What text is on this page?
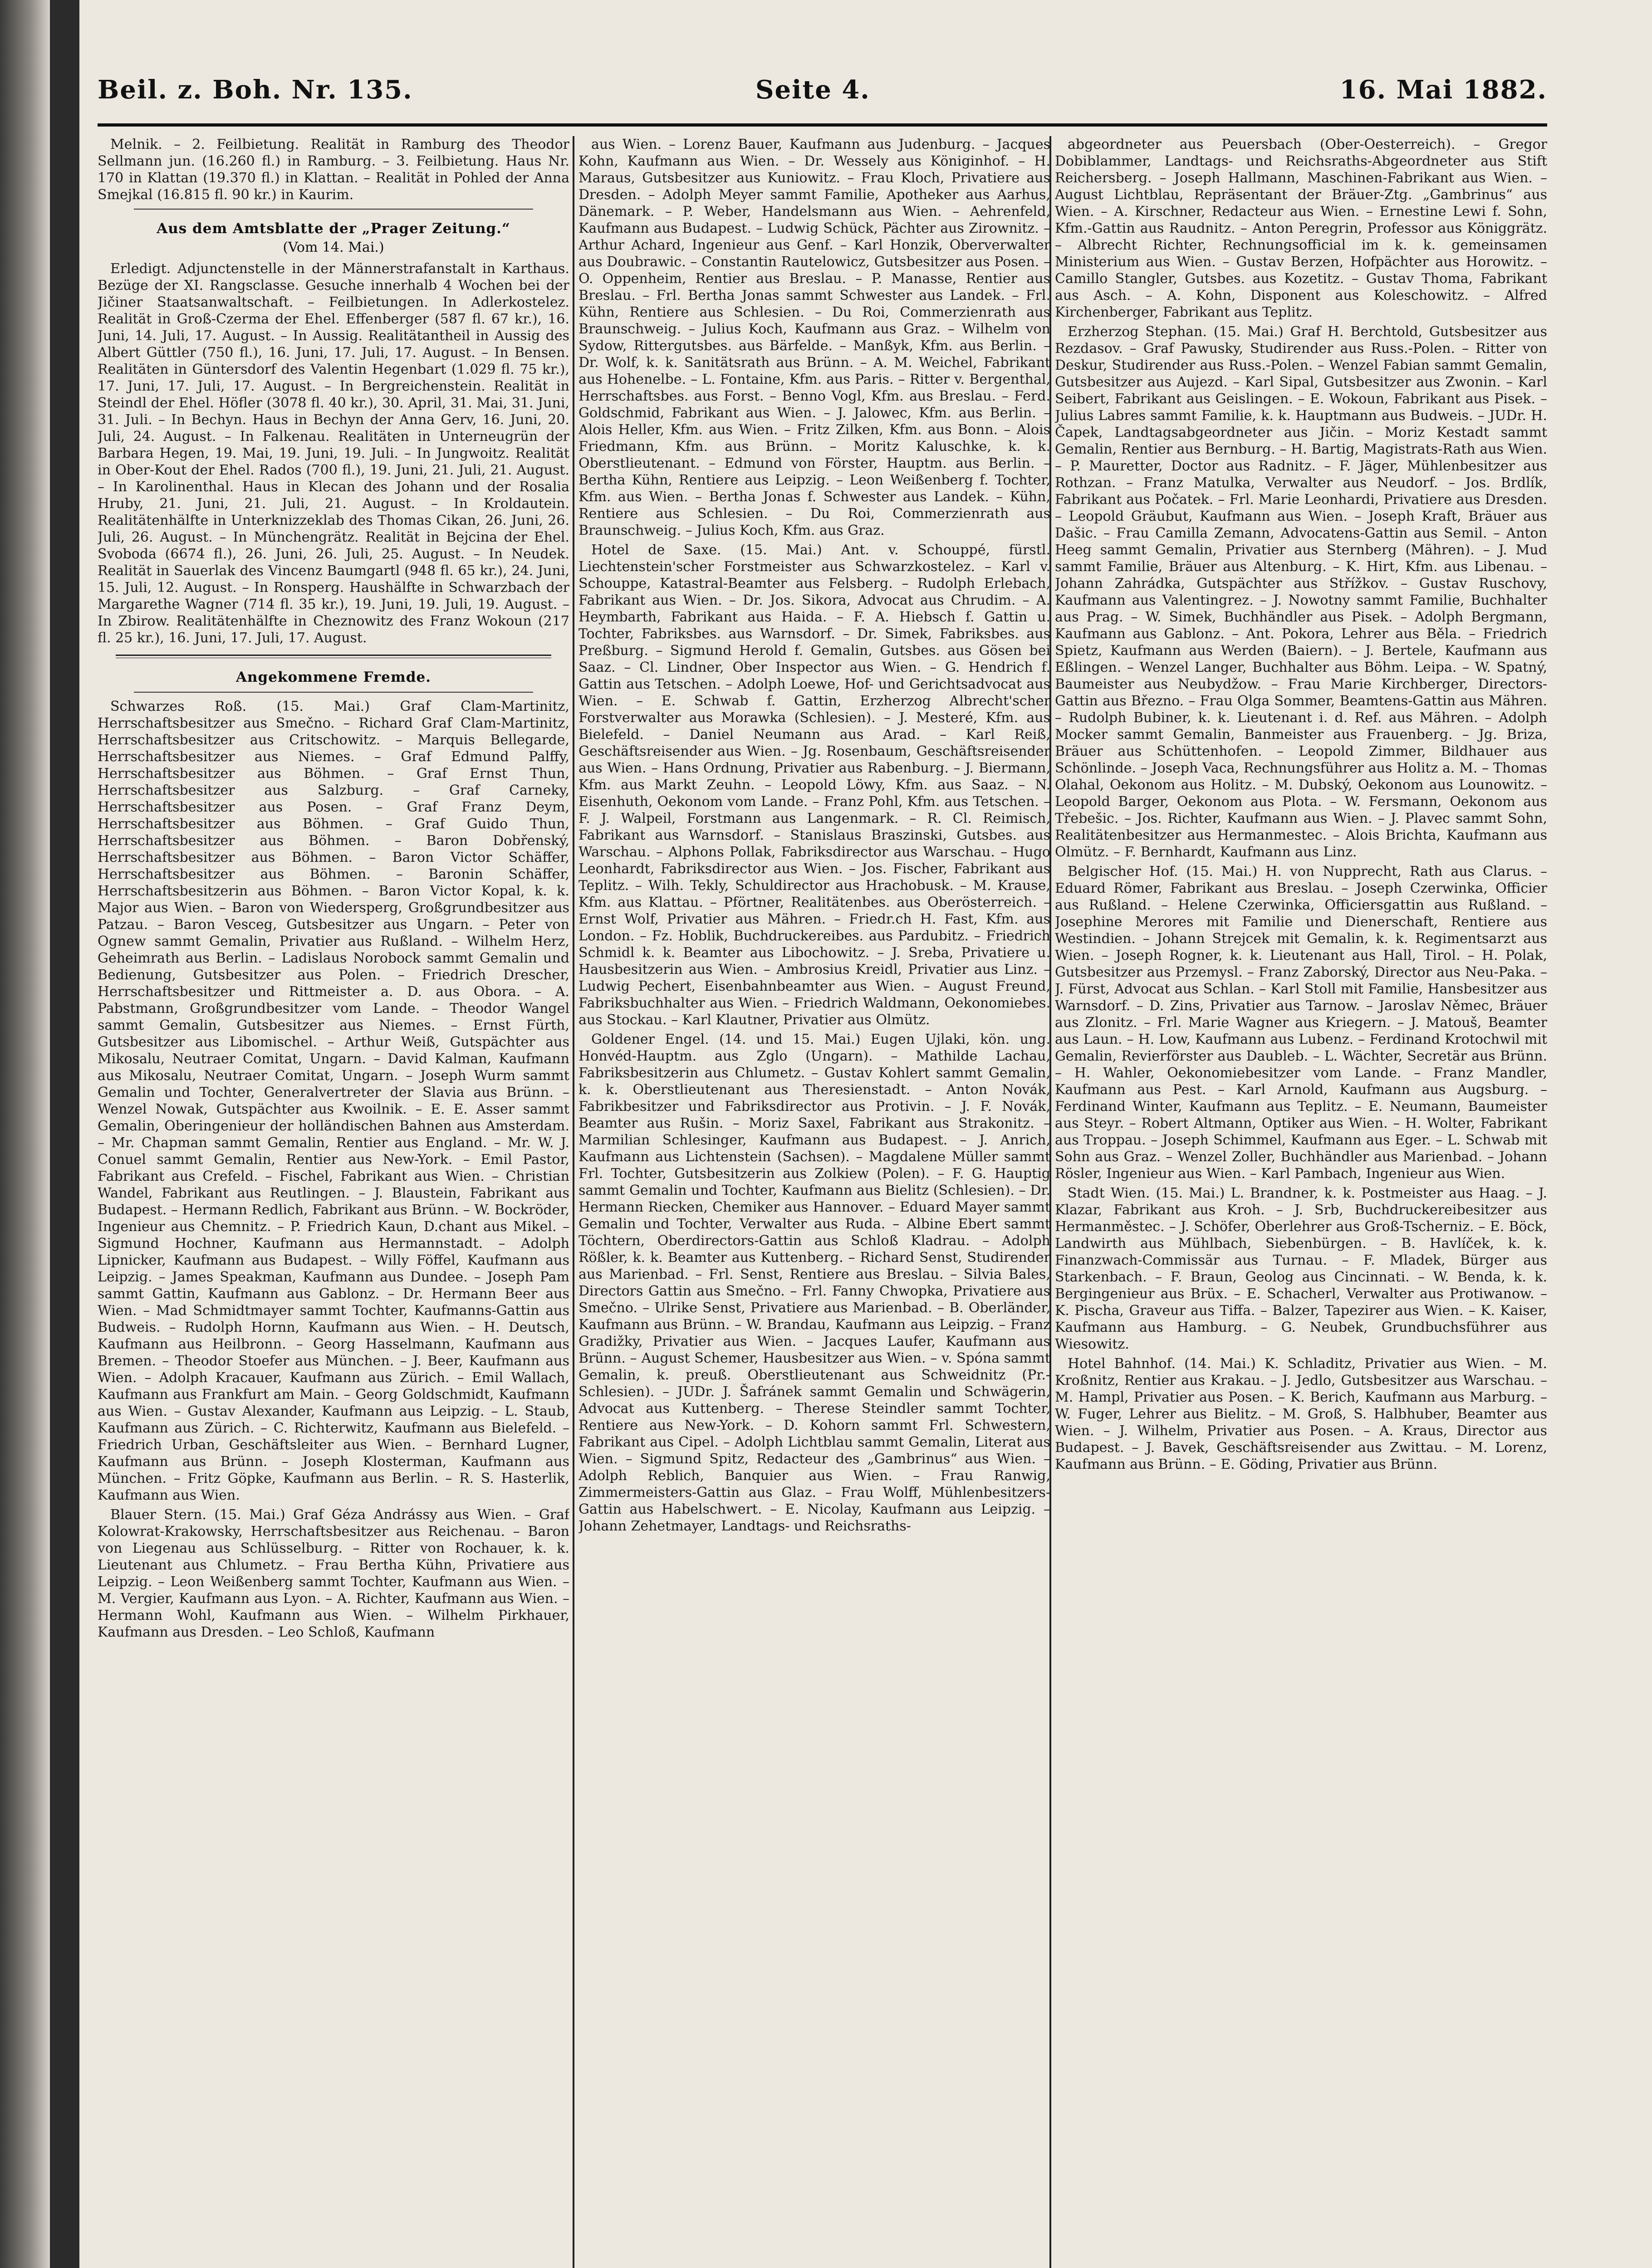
Beil. z. Boh. Nr. 135.	Seite 4.	16. Mai 1882.

Melnik. – 2. Feilbietung. Realität in Ramburg des Theodor Sellmann jun. (16.260 fl.) in Ramburg. – 3. Feilbietung. Haus Nr. 170 in Klattan (19.370 fl.) in Klattan. – Realität in Pohled der Anna Smejkal (16.815 fl. 90 kr.) in Kaurim.

Aus dem Amtsblatte der „Prager Zeitung.“
(Vom 14. Mai.)

Erledigt. Adjunctenstelle in der Männerstrafanstalt in Karthaus. Bezüge der XI. Rangsclasse. Gesuche innerhalb 4 Wochen bei der Jičiner Staatsanwaltschaft. – Feilbietungen. In Adlerkostelez. Realität in Groß-Czerma der Ehel. Effenberger (587 fl. 67 kr.), 16. Juni, 14. Juli, 17. August. – In Aussig. Realitätantheil in Aussig des Albert Güttler (750 fl.), 16. Juni, 17. Juli, 17. August. – In Bensen. Realitäten in Güntersdorf des Valentin Hegenbart (1.029 fl. 75 kr.), 17. Juni, 17. Juli, 17. August. – In Bergreichenstein. Realität in Steindl der Ehel. Höfler (3078 fl. 40 kr.), 30. April, 31. Mai, 31. Juni, 31. Juli. – In Bechyn. Haus in Bechyn der Anna Gerv, 16. Juni, 20. Juli, 24. August. – In Falkenau. Realitäten in Unterneugrün der Barbara Hegen, 19. Mai, 19. Juni, 19. Juli. – In Jungwoitz. Realität in Ober-Kout der Ehel. Rados (700 fl.), 19. Juni, 21. Juli, 21. August. – In Karolinenthal. Haus in Klecan des Johann und der Rosalia Hruby, 21. Juni, 21. Juli, 21. August. – In Kroldautein. Realitätenhälfte in Unterknizzeklab des Thomas Cikan, 26. Juni, 26. Juli, 26. August. – In Münchengrätz. Realität in Bejcina der Ehel. Svoboda (6674 fl.), 26. Juni, 26. Juli, 25. August. – In Neudek. Realität in Sauerlak des Vincenz Baumgartl (948 fl. 65 kr.), 24. Juni, 15. Juli, 12. August. – In Ronsperg. Haushälfte in Schwarzbach der Margarethe Wagner (714 fl. 35 kr.), 19. Juni, 19. Juli, 19. August. – In Zbirow. Realitätenhälfte in Cheznowitz des Franz Wokoun (217 fl. 25 kr.), 16. Juni, 17. Juli, 17. August.

Angekommene Fremde.

Schwarzes Roß. (15. Mai.) Graf Clam-Martinitz, Herrschaftsbesitzer aus Smečno. – Richard Graf Clam-Martinitz, Herrschaftsbesitzer aus Critschowitz. – Marquis Bellegarde, Herrschaftsbesitzer aus Niemes. – Graf Edmund Palffy, Herrschaftsbesitzer aus Böhmen. – Graf Ernst Thun, Herrschaftsbesitzer aus Salzburg. – Graf Carneky, Herrschaftsbesitzer aus Posen. – Graf Franz Deym, Herrschaftsbesitzer aus Böhmen. – Graf Guido Thun, Herrschaftsbesitzer aus Böhmen. – Baron Dobřenský, Herrschaftsbesitzer aus Böhmen. – Baron Victor Schäffer, Herrschaftsbesitzer aus Böhmen. – Baronin Schäffer, Herrschaftsbesitzerin aus Böhmen. – Baron Victor Kopal, k. k. Major aus Wien. – Baron von Wiedersperg, Großgrundbesitzer aus Patzau. – Baron Vesceg, Gutsbesitzer aus Ungarn. – Peter von Ognew sammt Gemalin, Privatier aus Rußland. – Wilhelm Herz, Geheimrath aus Berlin. – Ladislaus Norobock sammt Gemalin und Bedienung, Gutsbesitzer aus Polen. – Friedrich Drescher, Herrschaftsbesitzer und Rittmeister a. D. aus Obora. – A. Pabstmann, Großgrundbesitzer vom Lande. – Theodor Wangel sammt Gemalin, Gutsbesitzer aus Niemes. – Ernst Fürth, Gutsbesitzer aus Libomischel. – Arthur Weiß, Gutspächter aus Mikosalu, Neutraer Comitat, Ungarn. – David Kalman, Kaufmann aus Mikosalu, Neutraer Comitat, Ungarn. – Joseph Wurm sammt Gemalin und Tochter, Generalvertreter der Slavia aus Brünn. – Wenzel Nowak, Gutspächter aus Kwoilnik. – E. E. Asser sammt Gemalin, Oberingenieur der holländischen Bahnen aus Amsterdam. – Mr. Chapman sammt Gemalin, Rentier aus England. – Mr. W. J. Conuel sammt Gemalin, Rentier aus New-York. – Emil Pastor, Fabrikant aus Crefeld. – Fischel, Fabrikant aus Wien. – Christian Wandel, Fabrikant aus Reutlingen. – J. Blaustein, Fabrikant aus Budapest. – Hermann Redlich, Fabrikant aus Brünn. – W. Bockröder, Ingenieur aus Chemnitz. – P. Friedrich Kaun, D.chant aus Mikel. – Sigmund Hochner, Kaufmann aus Hermannstadt. – Adolph Lipnicker, Kaufmann aus Budapest. – Willy Föffel, Kaufmann aus Leipzig. – James Speakman, Kaufmann aus Dundee. – Joseph Pam sammt Gattin, Kaufmann aus Gablonz. – Dr. Hermann Beer aus Wien. – Mad Schmidtmayer sammt Tochter, Kaufmanns-Gattin aus Budweis. – Rudolph Hornn, Kaufmann aus Wien. – H. Deutsch, Kaufmann aus Heilbronn. – Georg Hasselmann, Kaufmann aus Bremen. – Theodor Stoefer aus München. – J. Beer, Kaufmann aus Wien. – Adolph Kracauer, Kaufmann aus Zürich. – Emil Wallach, Kaufmann aus Frankfurt am Main. – Georg Goldschmidt, Kaufmann aus Wien. – Gustav Alexander, Kaufmann aus Leipzig. – L. Staub, Kaufmann aus Zürich. – C. Richterwitz, Kaufmann aus Bielefeld. – Friedrich Urban, Geschäftsleiter aus Wien. – Bernhard Lugner, Kaufmann aus Brünn. – Joseph Klosterman, Kaufmann aus München. – Fritz Göpke, Kaufmann aus Berlin. – R. S. Hasterlik, Kaufmann aus Wien.

Blauer Stern. (15. Mai.) Graf Géza Andrássy aus Wien. – Graf Kolowrat-Krakowsky, Herrschaftsbesitzer aus Reichenau. – Baron von Liegenau aus Schlüsselburg. – Ritter von Rochauer, k. k. Lieutenant aus Chlumetz. – Frau Bertha Kühn, Privatiere aus Leipzig. – Leon Weißenberg sammt Tochter, Kaufmann aus Wien. – M. Vergier, Kaufmann aus Lyon. – A. Richter, Kaufmann aus Wien. – Hermann Wohl, Kaufmann aus Wien. – Wilhelm Pirkhauer, Kaufmann aus Dresden. – Leo Schloß, Kaufmann

aus Wien. – Lorenz Bauer, Kaufmann aus Judenburg. – Jacques Kohn, Kaufmann aus Wien. – Dr. Wessely aus Königinhof. – H. Maraus, Gutsbesitzer aus Kuniowitz. – Frau Kloch, Privatiere aus Dresden. – Adolph Meyer sammt Familie, Apotheker aus Aarhus, Dänemark. – P. Weber, Handelsmann aus Wien. – Aehrenfeld, Kaufmann aus Budapest. – Ludwig Schück, Pächter aus Zirownitz. – Arthur Achard, Ingenieur aus Genf. – Karl Honzik, Oberverwalter aus Doubrawic. – Constantin Rautelowicz, Gutsbesitzer aus Posen. – O. Oppenheim, Rentier aus Breslau. – P. Manasse, Rentier aus Breslau. – Frl. Bertha Jonas sammt Schwester aus Landek. – Frl. Kühn, Rentiere aus Schlesien. – Du Roi, Commerzienrath aus Braunschweig. – Julius Koch, Kaufmann aus Graz. – Wilhelm von Sydow, Rittergutsbes. aus Bärfelde. – Manßyk, Kfm. aus Berlin. – Dr. Wolf, k. k. Sanitätsrath aus Brünn. – A. M. Weichel, Fabrikant aus Hohenelbe. – L. Fontaine, Kfm. aus Paris. – Ritter v. Bergenthal, Herrschaftsbes. aus Forst. – Benno Vogl, Kfm. aus Breslau. – Ferd. Goldschmid, Fabrikant aus Wien. – J. Jalowec, Kfm. aus Berlin. – Alois Heller, Kfm. aus Wien. – Fritz Zilken, Kfm. aus Bonn. – Alois Friedmann, Kfm. aus Brünn. – Moritz Kaluschke, k. k. Oberstlieutenant. – Edmund von Förster, Hauptm. aus Berlin. – Bertha Kühn, Rentiere aus Leipzig. – Leon Weißenberg f. Tochter, Kfm. aus Wien. – Bertha Jonas f. Schwester aus Landek. – Kühn, Rentiere aus Schlesien. – Du Roi, Commerzienrath aus Braunschweig. – Julius Koch, Kfm. aus Graz.

Hotel de Saxe. (15. Mai.) Ant. v. Schouppé, fürstl. Liechtenstein'scher Forstmeister aus Schwarzkostelez. – Karl v. Schouppe, Katastral-Beamter aus Felsberg. – Rudolph Erlebach, Fabrikant aus Wien. – Dr. Jos. Sikora, Advocat aus Chrudim. – A. Heymbarth, Fabrikant aus Haida. – F. A. Hiebsch f. Gattin u. Tochter, Fabriksbes. aus Warnsdorf. – Dr. Simek, Fabriksbes. aus Preßburg. – Sigmund Herold f. Gemalin, Gutsbes. aus Gösen bei Saaz. – Cl. Lindner, Ober Inspector aus Wien. – G. Hendrich f. Gattin aus Tetschen. – Adolph Loewe, Hof- und Gerichtsadvocat aus Wien. – E. Schwab f. Gattin, Erzherzog Albrecht'scher Forstverwalter aus Morawka (Schlesien). – J. Mesteré, Kfm. aus Bielefeld. – Daniel Neumann aus Arad. – Karl Reiß, Geschäftsreisender aus Wien. – Jg. Rosenbaum, Geschäftsreisender aus Wien. – Hans Ordnung, Privatier aus Rabenburg. – J. Biermann, Kfm. aus Markt Zeuhn. – Leopold Löwy, Kfm. aus Saaz. – N. Eisenhuth, Oekonom vom Lande. – Franz Pohl, Kfm. aus Tetschen. – F. J. Walpeil, Forstmann aus Langenmark. – R. Cl. Reimisch, Fabrikant aus Warnsdorf. – Stanislaus Braszinski, Gutsbes. aus Warschau. – Alphons Pollak, Fabriksdirector aus Warschau. – Hugo Leonhardt, Fabriksdirector aus Wien. – Jos. Fischer, Fabrikant aus Teplitz. – Wilh. Tekly, Schuldirector aus Hrachobusk. – M. Krause, Kfm. aus Klattau. – Pförtner, Realitätenbes. aus Oberösterreich. – Ernst Wolf, Privatier aus Mähren. – Friedr.ch H. Fast, Kfm. aus London. – Fz. Hoblik, Buchdruckereibes. aus Pardubitz. – Friedrich Schmidl k. k. Beamter aus Libochowitz. – J. Sreba, Privatiere u. Hausbesitzerin aus Wien. – Ambrosius Kreidl, Privatier aus Linz. – Ludwig Pechert, Eisenbahnbeamter aus Wien. – August Freund, Fabriksbuchhalter aus Wien. – Friedrich Waldmann, Oekonomiebes. aus Stockau. – Karl Klautner, Privatier aus Olmütz.

Goldener Engel. (14. und 15. Mai.) Eugen Ujlaki, kön. ung. Honvéd-Hauptm. aus Zglo (Ungarn). – Mathilde Lachau, Fabriksbesitzerin aus Chlumetz. – Gustav Kohlert sammt Gemalin, k. k. Oberstlieutenant aus Theresienstadt. – Anton Novák, Fabrikbesitzer und Fabriksdirector aus Protivin. – J. F. Novák, Beamter aus Rušin. – Moriz Saxel, Fabrikant aus Strakonitz. – Marmilian Schlesinger, Kaufmann aus Budapest. – J. Anrich, Kaufmann aus Lichtenstein (Sachsen). – Magdalene Müller sammt Frl. Tochter, Gutsbesitzerin aus Zolkiew (Polen). – F. G. Hauptig sammt Gemalin und Tochter, Kaufmann aus Bielitz (Schlesien). – Dr. Hermann Riecken, Chemiker aus Hannover. – Eduard Mayer sammt Gemalin und Tochter, Verwalter aus Ruda. – Albine Ebert sammt Töchtern, Oberdirectors-Gattin aus Schloß Kladrau. – Adolph Rößler, k. k. Beamter aus Kuttenberg. – Richard Senst, Studirender aus Marienbad. – Frl. Senst, Rentiere aus Breslau. – Silvia Bales, Directors Gattin aus Smečno. – Frl. Fanny Chwopka, Privatiere aus Smečno. – Ulrike Senst, Privatiere aus Marienbad. – B. Oberländer, Kaufmann aus Brünn. – W. Brandau, Kaufmann aus Leipzig. – Franz Gradižky, Privatier aus Wien. – Jacques Laufer, Kaufmann aus Brünn. – August Schemer, Hausbesitzer aus Wien. – v. Spóna sammt Gemalin, k. preuß. Oberstlieutenant aus Schweidnitz (Pr.-Schlesien). – JUDr. J. Šafránek sammt Gemalin und Schwägerin, Advocat aus Kuttenberg. – Therese Steindler sammt Tochter, Rentiere aus New-York. – D. Kohorn sammt Frl. Schwestern, Fabrikant aus Cipel. – Adolph Lichtblau sammt Gemalin, Literat aus Wien. – Sigmund Spitz, Redacteur des „Gambrinus“ aus Wien. – Adolph Reblich, Banquier aus Wien. – Frau Ranwig, Zimmermeisters-Gattin aus Glaz. – Frau Wolff, Mühlenbesitzers-Gattin aus Habelschwert. – E. Nicolay, Kaufmann aus Leipzig. – Johann Zehetmayer, Landtags- und Reichsraths-

abgeordneter aus Peuersbach (Ober-Oesterreich). – Gregor Dobiblammer, Landtags- und Reichsraths-Abgeordneter aus Stift Reichersberg. – Joseph Hallmann, Maschinen-Fabrikant aus Wien. – August Lichtblau, Repräsentant der Bräuer-Ztg. „Gambrinus“ aus Wien. – A. Kirschner, Redacteur aus Wien. – Ernestine Lewi f. Sohn, Kfm.-Gattin aus Raudnitz. – Anton Peregrin, Professor aus Königgrätz. – Albrecht Richter, Rechnungsofficial im k. k. gemeinsamen Ministerium aus Wien. – Gustav Berzen, Hofpächter aus Horowitz. – Camillo Stangler, Gutsbes. aus Kozetitz. – Gustav Thoma, Fabrikant aus Asch. – A. Kohn, Disponent aus Koleschowitz. – Alfred Kirchenberger, Fabrikant aus Teplitz.

Erzherzog Stephan. (15. Mai.) Graf H. Berchtold, Gutsbesitzer aus Rezdasov. – Graf Pawusky, Studirender aus Russ.-Polen. – Ritter von Deskur, Studirender aus Russ.-Polen. – Wenzel Fabian sammt Gemalin, Gutsbesitzer aus Aujezd. – Karl Sipal, Gutsbesitzer aus Zwonin. – Karl Seibert, Fabrikant aus Geislingen. – E. Wokoun, Fabrikant aus Pisek. – Julius Labres sammt Familie, k. k. Hauptmann aus Budweis. – JUDr. H. Čapek, Landtagsabgeordneter aus Jičin. – Moriz Kestadt sammt Gemalin, Rentier aus Bernburg. – H. Bartig, Magistrats-Rath aus Wien. – P. Mauretter, Doctor aus Radnitz. – F. Jäger, Mühlenbesitzer aus Rothzan. – Franz Matulka, Verwalter aus Neudorf. – Jos. Brdlík, Fabrikant aus Počatek. – Frl. Marie Leonhardi, Privatiere aus Dresden. – Leopold Gräubut, Kaufmann aus Wien. – Joseph Kraft, Bräuer aus Dašic. – Frau Camilla Zemann, Advocatens-Gattin aus Semil. – Anton Heeg sammt Gemalin, Privatier aus Sternberg (Mähren). – J. Mud sammt Familie, Bräuer aus Altenburg. – K. Hirt, Kfm. aus Libenau. – Johann Zahrádka, Gutspächter aus Střížkov. – Gustav Ruschovy, Kaufmann aus Valentingrez. – J. Nowotny sammt Familie, Buchhalter aus Prag. – W. Simek, Buchhändler aus Pisek. – Adolph Bergmann, Kaufmann aus Gablonz. – Ant. Pokora, Lehrer aus Běla. – Friedrich Spietz, Kaufmann aus Werden (Baiern). – J. Bertele, Kaufmann aus Eßlingen. – Wenzel Langer, Buchhalter aus Böhm. Leipa. – W. Spatný, Baumeister aus Neubydžow. – Frau Marie Kirchberger, Directors-Gattin aus Březno. – Frau Olga Sommer, Beamtens-Gattin aus Mähren. – Rudolph Bubiner, k. k. Lieutenant i. d. Ref. aus Mähren. – Adolph Mocker sammt Gemalin, Banmeister aus Frauenberg. – Jg. Briza, Bräuer aus Schüttenhofen. – Leopold Zimmer, Bildhauer aus Schönlinde. – Joseph Vaca, Rechnungsführer aus Holitz a. M. – Thomas Olahal, Oekonom aus Holitz. – M. Dubský, Oekonom aus Lounowitz. – Leopold Barger, Oekonom aus Plota. – W. Fersmann, Oekonom aus Třebešic. – Jos. Richter, Kaufmann aus Wien. – J. Plavec sammt Sohn, Realitätenbesitzer aus Hermanmestec. – Alois Brichta, Kaufmann aus Olmütz. – F. Bernhardt, Kaufmann aus Linz.

Belgischer Hof. (15. Mai.) H. von Nupprecht, Rath aus Clarus. – Eduard Römer, Fabrikant aus Breslau. – Joseph Czerwinka, Officier aus Rußland. – Helene Czerwinka, Officiersgattin aus Rußland. – Josephine Merores mit Familie und Dienerschaft, Rentiere aus Westindien. – Johann Strejcek mit Gemalin, k. k. Regimentsarzt aus Wien. – Joseph Rogner, k. k. Lieutenant aus Hall, Tirol. – H. Polak, Gutsbesitzer aus Przemysl. – Franz Zaborský, Director aus Neu-Paka. – J. Fürst, Advocat aus Schlan. – Karl Stoll mit Familie, Hansbesitzer aus Warnsdorf. – D. Zins, Privatier aus Tarnow. – Jaroslav Němec, Bräuer aus Zlonitz. – Frl. Marie Wagner aus Kriegern. – J. Matouš, Beamter aus Laun. – H. Low, Kaufmann aus Lubenz. – Ferdinand Krotochwil mit Gemalin, Revierförster aus Daubleb. – L. Wächter, Secretär aus Brünn. – H. Wahler, Oekonomiebesitzer vom Lande. – Franz Mandler, Kaufmann aus Pest. – Karl Arnold, Kaufmann aus Augsburg. – Ferdinand Winter, Kaufmann aus Teplitz. – E. Neumann, Baumeister aus Steyr. – Robert Altmann, Optiker aus Wien. – H. Wolter, Fabrikant aus Troppau. – Joseph Schimmel, Kaufmann aus Eger. – L. Schwab mit Sohn aus Graz. – Wenzel Zoller, Buchhändler aus Marienbad. – Johann Rösler, Ingenieur aus Wien. – Karl Pambach, Ingenieur aus Wien.

Stadt Wien. (15. Mai.) L. Brandner, k. k. Postmeister aus Haag. – J. Klazar, Fabrikant aus Kroh. – J. Srb, Buchdruckereibesitzer aus Hermanměstec. – J. Schöfer, Oberlehrer aus Groß-Tscherniz. – E. Böck, Landwirth aus Mühlbach, Siebenbürgen. – B. Havlíček, k. k. Finanzwach-Commissär aus Turnau. – F. Mladek, Bürger aus Starkenbach. – F. Braun, Geolog aus Cincinnati. – W. Benda, k. k. Bergingenieur aus Brüx. – E. Schacherl, Verwalter aus Protiwanow. – K. Pischa, Graveur aus Tiffa. – Balzer, Tapezirer aus Wien. – K. Kaiser, Kaufmann aus Hamburg. – G. Neubek, Grundbuchsführer aus Wiesowitz.

Hotel Bahnhof. (14. Mai.) K. Schladitz, Privatier aus Wien. – M. Kroßnitz, Rentier aus Krakau. – J. Jedlo, Gutsbesitzer aus Warschau. – M. Hampl, Privatier aus Posen. – K. Berich, Kaufmann aus Marburg. – W. Fuger, Lehrer aus Bielitz. – M. Groß, S. Halbhuber, Beamter aus Wien. – J. Wilhelm, Privatier aus Posen. – A. Kraus, Director aus Budapest. – J. Bavek, Geschäftsreisender aus Zwittau. – M. Lorenz, Kaufmann aus Brünn. – E. Göding, Privatier aus Brünn.
